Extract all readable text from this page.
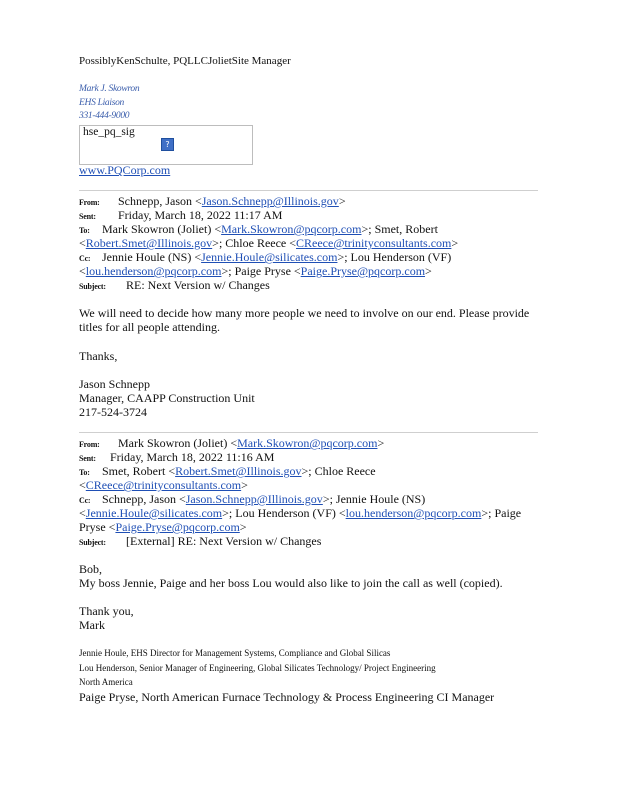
PossiblyKenSchulte, PQLLCJolietSite Manager
Mark J. Skowron
EHS Liaison
331-444-9000
hse_pq_sig
?
www.PQCorp.com
From: Schnepp, Jason <Jason.Schnepp@Illinois.gov>
Sent: Friday, March 18, 2022 11:17 AM
To: Mark Skowron (Joliet) <Mark.Skowron@pqcorp.com>; Smet, Robert
<Robert.Smet@Illinois.gov>; Chloe Reece <CReece@trinityconsultants.com>
Cc: Jennie Houle (NS) <Jennie.Houle@silicates.com>; Lou Henderson (VF)
<lou.henderson@pqcorp.com>; Paige Pryse <Paige.Pryse@pqcorp.com>
Subject: RE: Next Version w/ Changes
We will need to decide how many more people we need to involve on our end. Please provide
titles for all people attending.
Thanks,
Jason Schnepp
Manager, CAAPP Construction Unit
217-524-3724
From: Mark Skowron (Joliet) <Mark.Skowron@pqcorp.com>
Sent: Friday, March 18, 2022 11:16 AM
To: Smet, Robert <Robert.Smet@Illinois.gov>; Chloe Reece
<CReece@trinityconsultants.com>
Cc: Schnepp, Jason <Jason.Schnepp@Illinois.gov>; Jennie Houle (NS)
<Jennie.Houle@silicates.com>; Lou Henderson (VF) <lou.henderson@pqcorp.com>; Paige
Pryse <Paige.Pryse@pqcorp.com>
Subject: [External] RE: Next Version w/ Changes
Bob,
My boss Jennie, Paige and her boss Lou would also like to join the call as well (copied).
Thank you,
Mark
Jennie Houle, EHS Director for Management Systems, Compliance and Global Silicas
Lou Henderson, Senior Manager of Engineering, Global Silicates Technology/ Project Engineering
North America
Paige Pryse, North American Furnace Technology & Process Engineering CI Manager
